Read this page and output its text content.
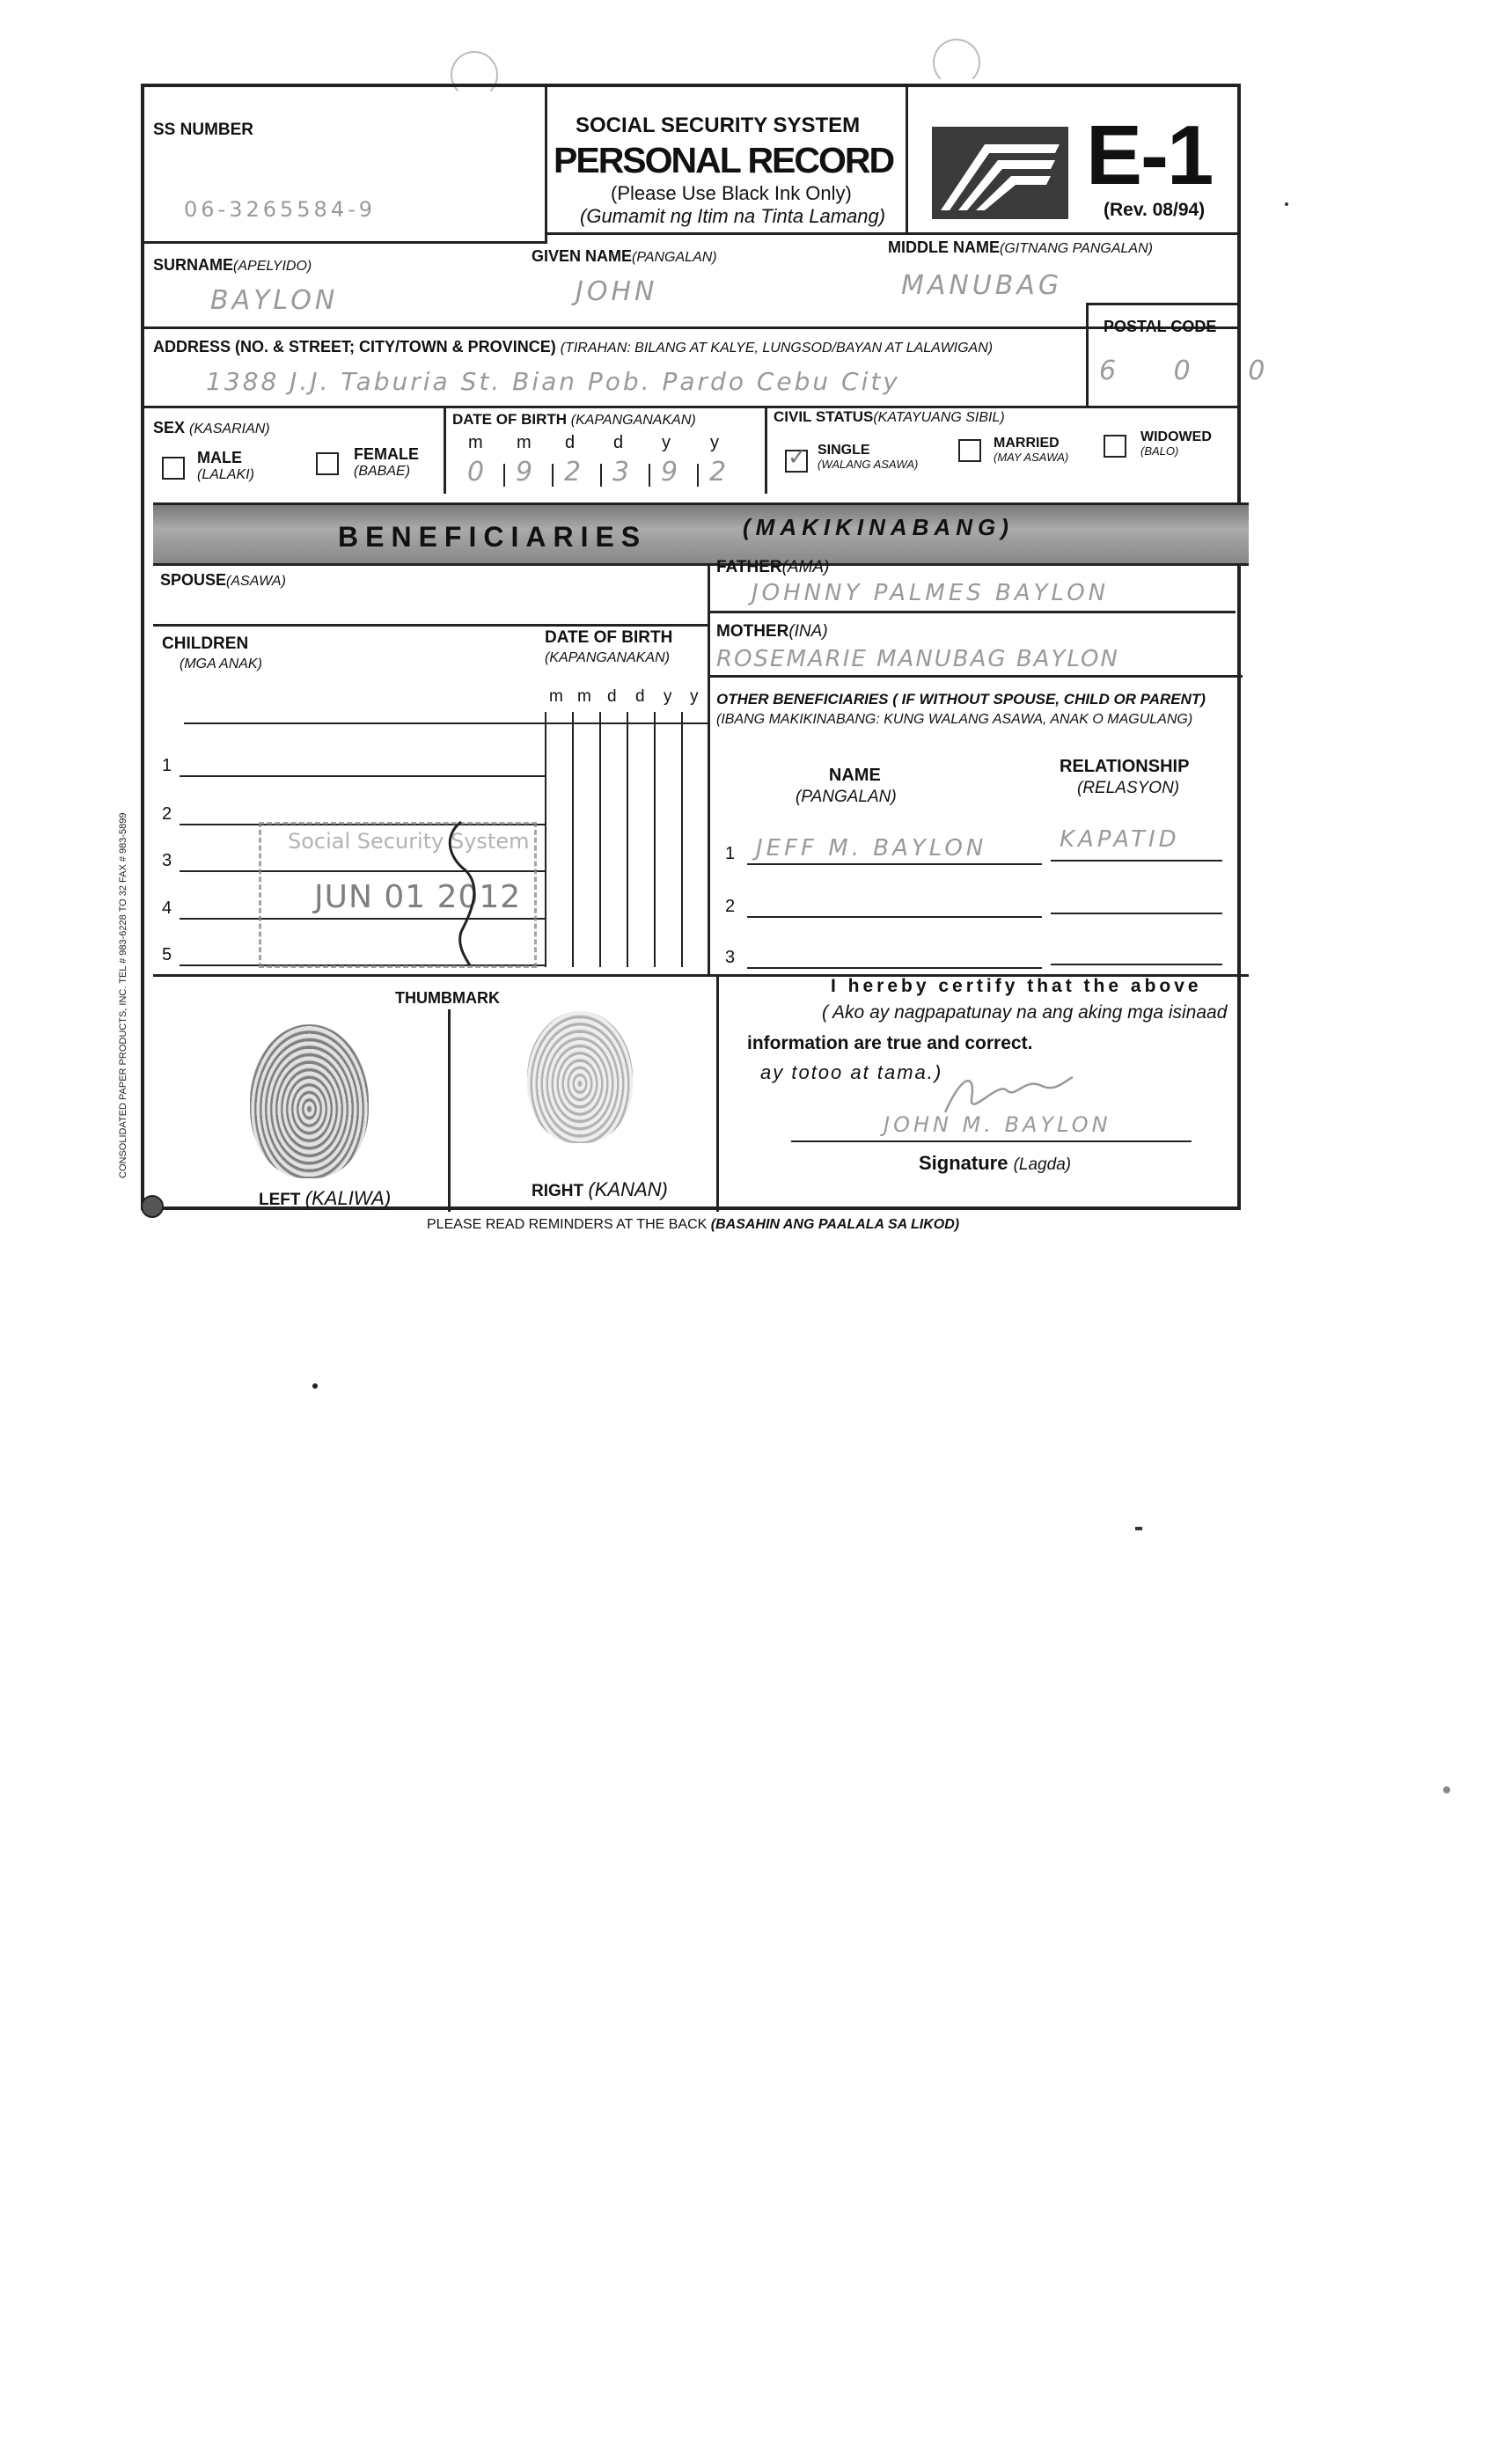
SS NUMBER
06-3265584-9
SOCIAL SECURITY SYSTEM
PERSONAL RECORD
(Please Use Black Ink Only)
(Gumamit ng Itim na Tinta Lamang)
E-1
(Rev. 08/94)
SURNAME(APELYIDO)
BAYLON
GIVEN NAME(PANGALAN)
JOHN
MIDDLE NAME(GITNANG PANGALAN)
MANUBAG
ADDRESS (NO. & STREET; CITY/TOWN & PROVINCE) (TIRAHAN: BILANG AT KALYE, LUNGSOD/BAYAN AT LALAWIGAN)
1388 J.J. Taburia St. Bian Pob. Pardo Cebu City
POSTAL CODE
6 0 0
SEX (KASARIAN)
MALE
(LALAKI)
FEMALE
(BABAE)
DATE OF BIRTH (KAPANGANAKAN)
m m d d y y
0 9 2 3 9 2
CIVIL STATUS(KATAYUANG SIBIL)
✓ SINGLE
(WALANG ASAWA)
MARRIED
(MAY ASAWA)
WIDOWED
(BALO)
BENEFICIARIES	(MAKIKINABANG)
SPOUSE(ASAWA)
FATHER(AMA)
JOHNNY PALMES BAYLON
MOTHER(INA)
ROSEMARIE MANUBAG BAYLON
CHILDREN
(MGA ANAK)
DATE OF BIRTH
(KAPANGANAKAN)
m m d d y y
1
2
3
4
5
Social Security System
JUN 01 2012
OTHER BENEFICIARIES ( IF WITHOUT SPOUSE, CHILD OR PARENT)
(IBANG MAKIKINABANG: KUNG WALANG ASAWA, ANAK O MAGULANG)
NAME
(PANGALAN)
RELATIONSHIP
(RELASYON)
1 JEFF M. BAYLON	KAPATID
2
3
THUMBMARK
LEFT (KALIWA)	RIGHT (KANAN)
I hereby certify that the above
( Ako ay nagpapatunay na ang aking mga isinaad
information are true and correct.
ay totoo at tama.)
JOHN M. BAYLON
Signature (Lagda)
CONSOLIDATED PAPER PRODUCTS, INC. TEL # 983-6228 TO 32 FAX # 983-5899
PLEASE READ REMINDERS AT THE BACK (BASAHIN ANG PAALALA SA LIKOD)
